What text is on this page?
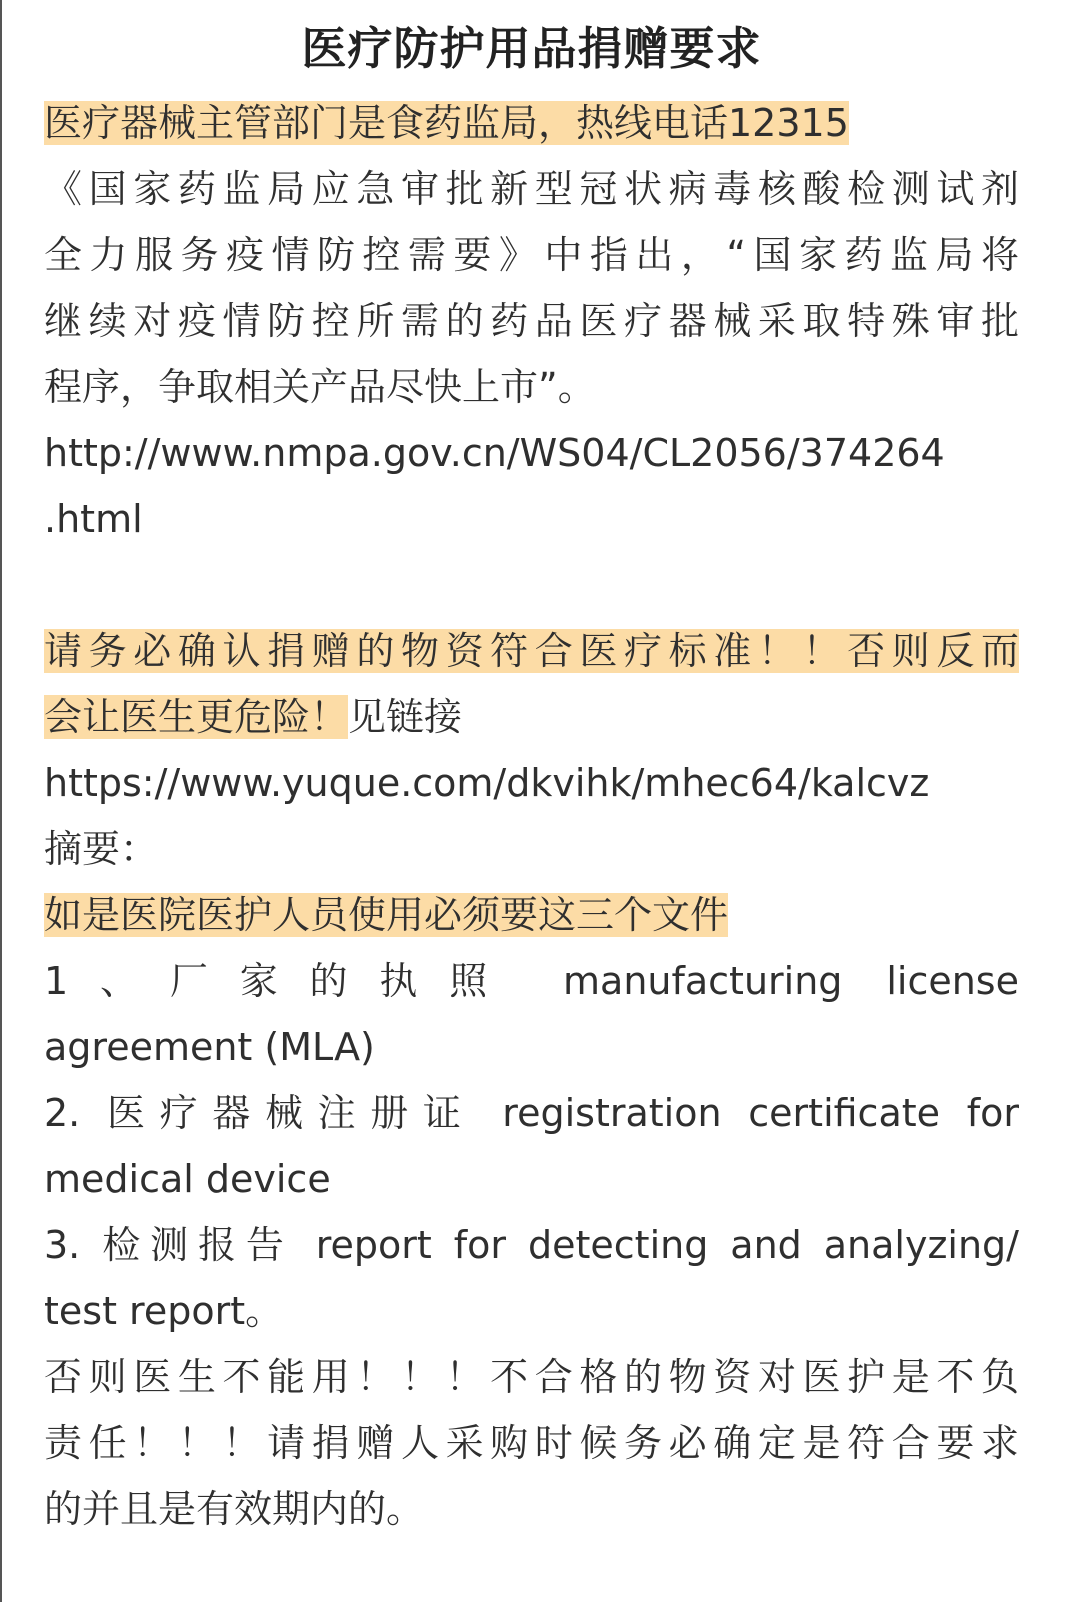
医疗防护用品捐赠要求
医疗器械主管部门是食药监局，热线电话12315
《国家药监局应急审批新型冠状病毒核酸检测试剂
全力服务疫情防控需要》中指出，“国家药监局将
继续对疫情防控所需的药品医疗器械采取特殊审批
程序，争取相关产品尽快上市”。
http://www.nmpa.gov.cn/WS04/CL2056/374264
.html
请务必确认捐赠的物资符合医疗标准！！否则反而
会让医生更危险！见链接
https://www.yuque.com/dkvihk/mhec64/kalcvz
摘要：
如是医院医护人员使用必须要这三个文件
1、厂家的执照 manufacturing license
agreement (MLA)
2. 医疗器械注册证 registration certificate for
medical device
3. 检测报告 report for detecting and analyzing/
test report。
否则医生不能用！！！不合格的物资对医护是不负
责任！！！请捐赠人采购时候务必确定是符合要求
的并且是有效期内的。
